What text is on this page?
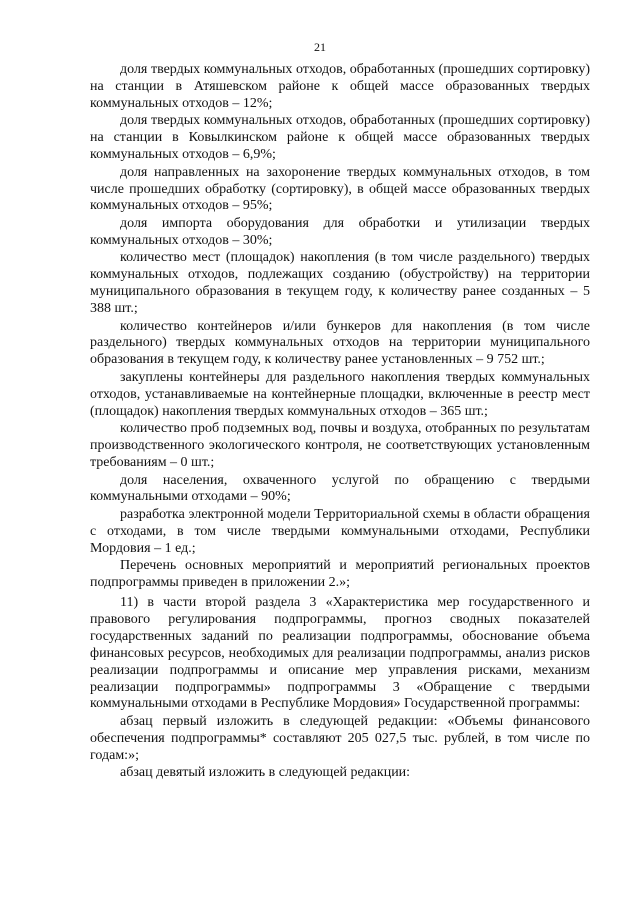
21

доля твердых коммунальных отходов, обработанных (прошедших сортировку) на станции в Атяшевском районе к общей массе образованных твердых коммунальных отходов – 12%;

доля твердых коммунальных отходов, обработанных (прошедших сортировку) на станции в Ковылкинском районе к общей массе образованных твердых коммунальных отходов – 6,9%;

доля направленных на захоронение твердых коммунальных отходов, в том числе прошедших обработку (сортировку), в общей массе образованных твердых коммунальных отходов – 95%;

доля импорта оборудования для обработки и утилизации твердых коммунальных отходов – 30%;

количество мест (площадок) накопления (в том числе раздельного) твердых коммунальных отходов, подлежащих созданию (обустройству) на территории муниципального образования в текущем году, к количеству ранее созданных – 5 388 шт.;

количество контейнеров и/или бункеров для накопления (в том числе раздельного) твердых коммунальных отходов на территории муниципального образования в текущем году, к количеству ранее установленных – 9 752 шт.;

закуплены контейнеры для раздельного накопления твердых коммунальных отходов, устанавливаемые на контейнерные площадки, включенные в реестр мест (площадок) накопления твердых коммунальных отходов – 365 шт.;

количество проб подземных вод, почвы и воздуха, отобранных по результатам производственного экологического контроля, не соответствующих установленным требованиям – 0 шт.;

доля населения, охваченного услугой по обращению с твердыми коммунальными отходами – 90%;

разработка электронной модели Территориальной схемы в области обращения с отходами, в том числе твердыми коммунальными отходами, Республики Мордовия – 1 ед.;

Перечень основных мероприятий и мероприятий региональных проектов подпрограммы приведен в приложении 2.»;

11) в части второй раздела 3 «Характеристика мер государственного и правового регулирования подпрограммы, прогноз сводных показателей государственных заданий по реализации подпрограммы, обоснование объема финансовых ресурсов, необходимых для реализации подпрограммы, анализ рисков реализации подпрограммы и описание мер управления рисками, механизм реализации подпрограммы» подпрограммы 3 «Обращение с твердыми коммунальными отходами в Республике Мордовия» Государственной программы:

абзац первый изложить в следующей редакции: «Объемы финансового обеспечения подпрограммы* составляют 205 027,5 тыс. рублей, в том числе по годам:»;

абзац девятый изложить в следующей редакции:
